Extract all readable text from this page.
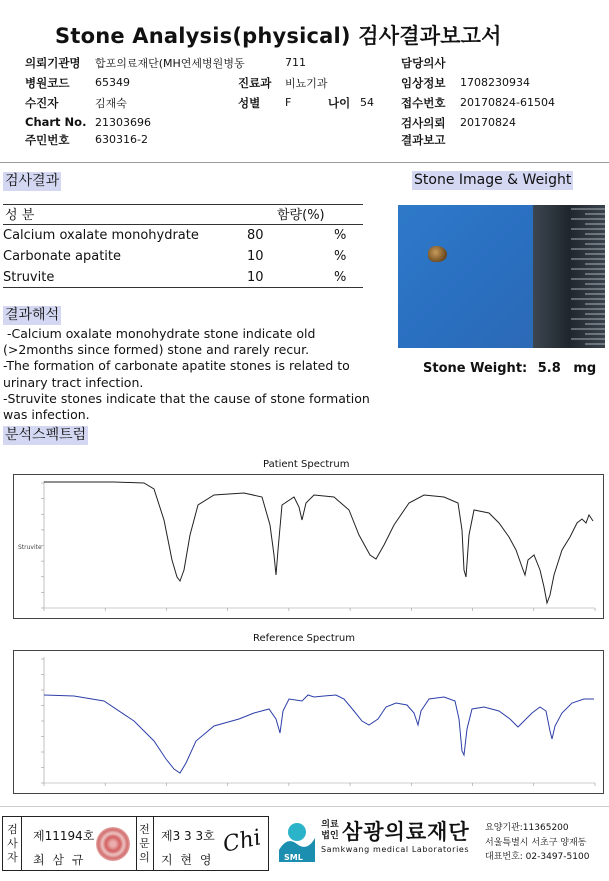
Stone Analysis(physical) 검사결과보고서
의뢰기관명 합포의료재단(MH연세병원병동	711	담당의사
병원코드 65349	진료과 비뇨기과	임상정보 1708230934
수진자	김재숙	성별 F	나이 54 접수번호 20170824-61504
Chart No. 21303696	검사의뢰 20170824
주민번호 630316-2	결과보고
검사결과
성 분	함량(%)
Calcium oxalate monohydrate	80	%
Carbonate apatite	10	%
Struvite	10	%
결과해석
-Calcium oxalate monohydrate stone indicate old
(>2months since formed) stone and rarely recur.
-The formation of carbonate apatite stones is related to
urinary tract infection.
-Struvite stones indicate that the cause of stone formation
was infection.
Stone Image & Weight
Stone Weight: 5.8 mg
분석스펙트럼
Patient Spectrum
Struvite
Reference Spectrum
검사자
제11194호
최 삼 규
전문의
제3 3 3호
지 현 영
Chi	SML
의료법인 삼광의료재단
Samkwang medical Laboratories
요양기관:11365200
서울특별시 서초구 양재동
대표번호: 02-3497-5100
